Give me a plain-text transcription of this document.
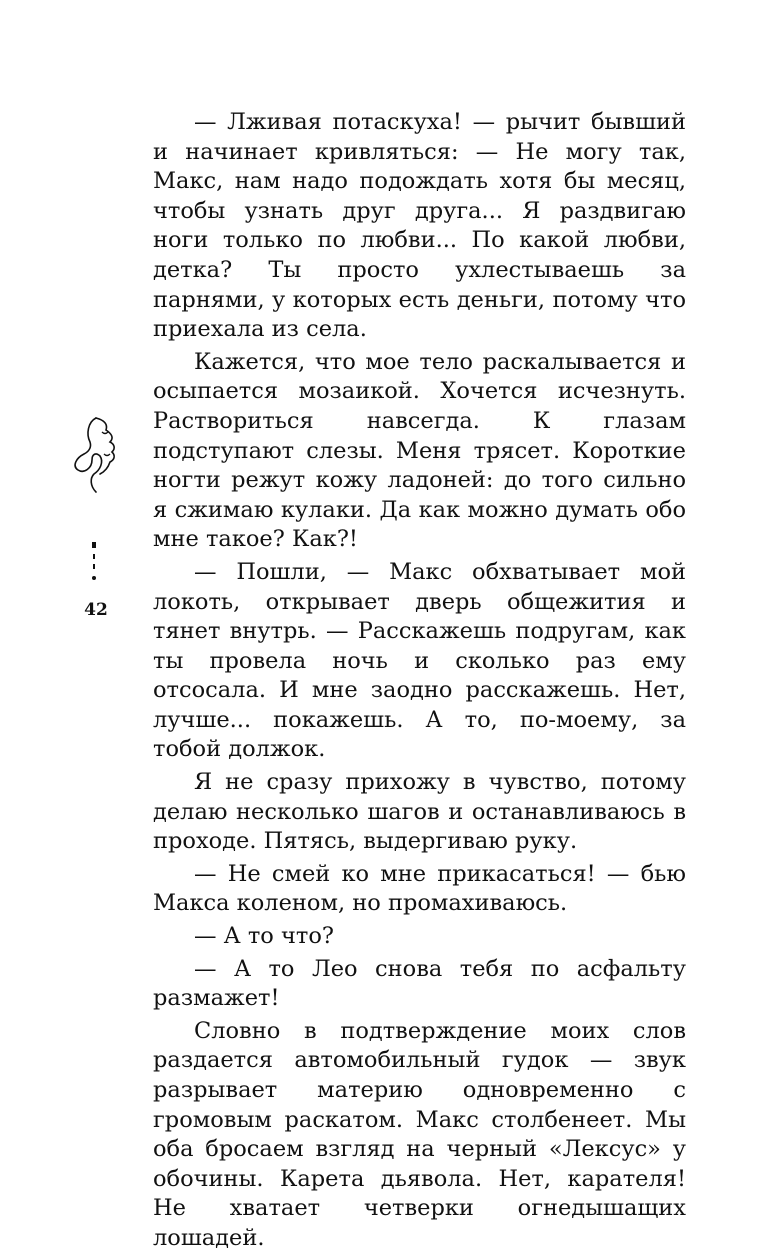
42

— Лживая потаскуха! — рычит бывший и начинает кривляться: — Не могу так, Макс, нам надо подождать хотя бы месяц, чтобы узнать друг друга... Я раздвигаю ноги только по любви... По какой любви, детка? Ты просто ухлестываешь за парнями, у которых есть деньги, потому что приехала из села.

Кажется, что мое тело раскалывается и осыпается мозаикой. Хочется исчезнуть. Раствориться навсегда. К глазам подступают слезы. Меня трясет. Короткие ногти режут кожу ладоней: до того сильно я сжимаю кулаки. Да как можно думать обо мне такое? Как?!

— Пошли, — Макс обхватывает мой локоть, открывает дверь общежития и тянет внутрь. — Расскажешь подругам, как ты провела ночь и сколько раз ему отсосала. И мне заодно расскажешь. Нет, лучше... покажешь. А то, по-моему, за тобой должок.

Я не сразу прихожу в чувство, потому делаю несколько шагов и останавливаюсь в проходе. Пятясь, выдергиваю руку.

— Не смей ко мне прикасаться! — бью Макса коленом, но промахиваюсь.

— А то что?

— А то Лео снова тебя по асфальту размажет!

Словно в подтверждение моих слов раздается автомобильный гудок — звук разрывает материю одновременно с громовым раскатом. Макс столбенеет. Мы оба бросаем взгляд на черный «Лексус» у обочины. Карета дьявола. Нет, карателя! Не хватает четверки огнедышащих лошадей.
